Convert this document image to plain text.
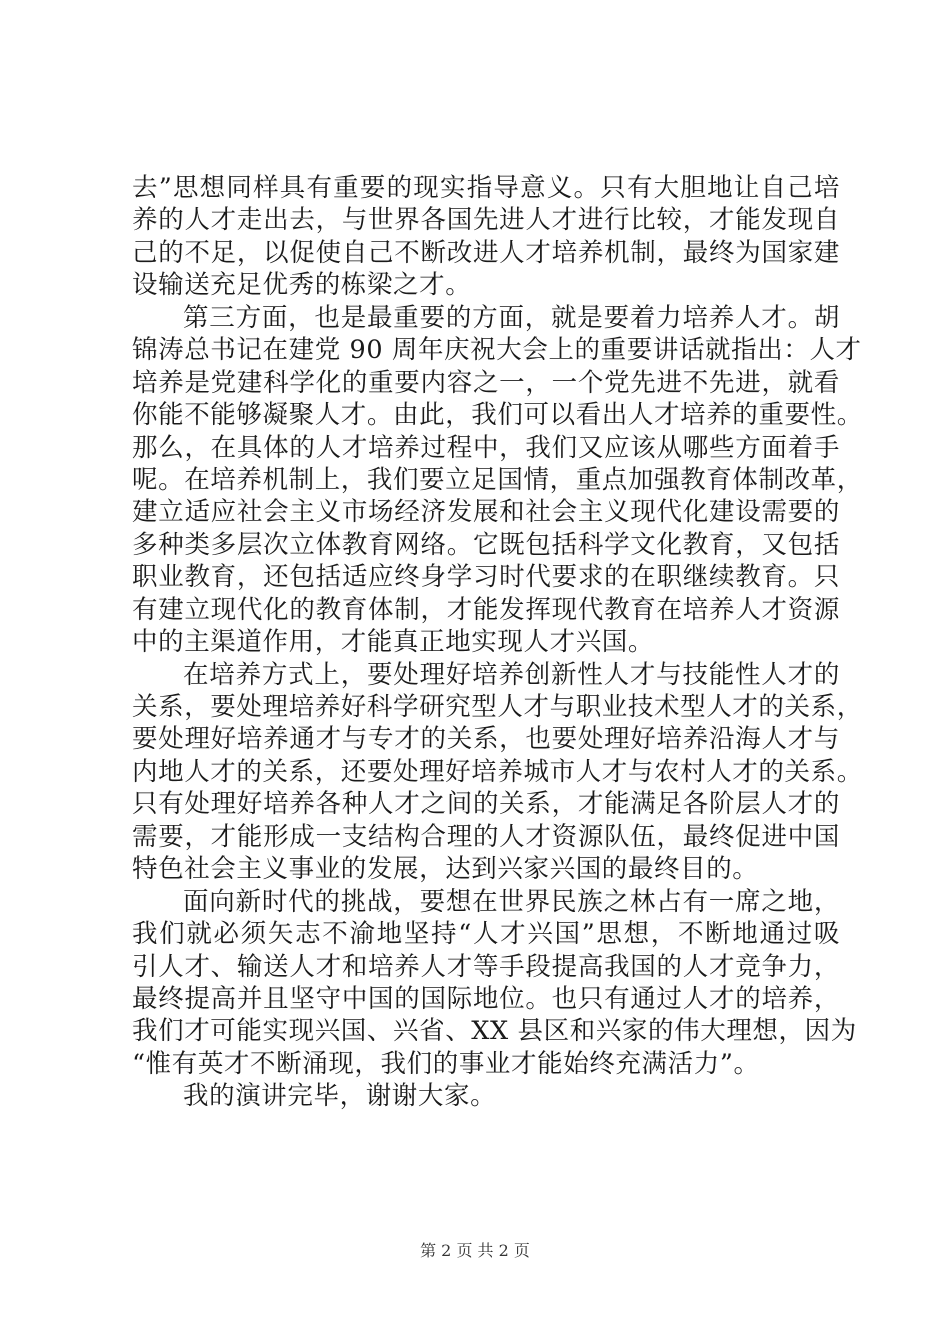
去”思想同样具有重要的现实指导意义。只有大胆地让自己培
养的人才走出去，与世界各国先进人才进行比较，才能发现自
己的不足，以促使自己不断改进人才培养机制，最终为国家建
设输送充足优秀的栋梁之才。
第三方面，也是最重要的方面，就是要着力培养人才。胡
锦涛总书记在建党 90 周年庆祝大会上的重要讲话就指出：人才
培养是党建科学化的重要内容之一，一个党先进不先进，就看
你能不能够凝聚人才。由此，我们可以看出人才培养的重要性。
那么，在具体的人才培养过程中，我们又应该从哪些方面着手
呢。在培养机制上，我们要立足国情，重点加强教育体制改革，
建立适应社会主义市场经济发展和社会主义现代化建设需要的
多种类多层次立体教育网络。它既包括科学文化教育，又包括
职业教育，还包括适应终身学习时代要求的在职继续教育。只
有建立现代化的教育体制，才能发挥现代教育在培养人才资源
中的主渠道作用，才能真正地实现人才兴国。
在培养方式上，要处理好培养创新性人才与技能性人才的
关系，要处理培养好科学研究型人才与职业技术型人才的关系，
要处理好培养通才与专才的关系，也要处理好培养沿海人才与
内地人才的关系，还要处理好培养城市人才与农村人才的关系。
只有处理好培养各种人才之间的关系，才能满足各阶层人才的
需要，才能形成一支结构合理的人才资源队伍，最终促进中国
特色社会主义事业的发展，达到兴家兴国的最终目的。
面向新时代的挑战，要想在世界民族之林占有一席之地，
我们就必须矢志不渝地坚持“人才兴国”思想，不断地通过吸
引人才、输送人才和培养人才等手段提高我国的人才竞争力，
最终提高并且坚守中国的国际地位。也只有通过人才的培养，
我们才可能实现兴国、兴省、XX 县区和兴家的伟大理想，因为
“惟有英才不断涌现，我们的事业才能始终充满活力”。
我的演讲完毕，谢谢大家。
第 2 页 共 2 页
